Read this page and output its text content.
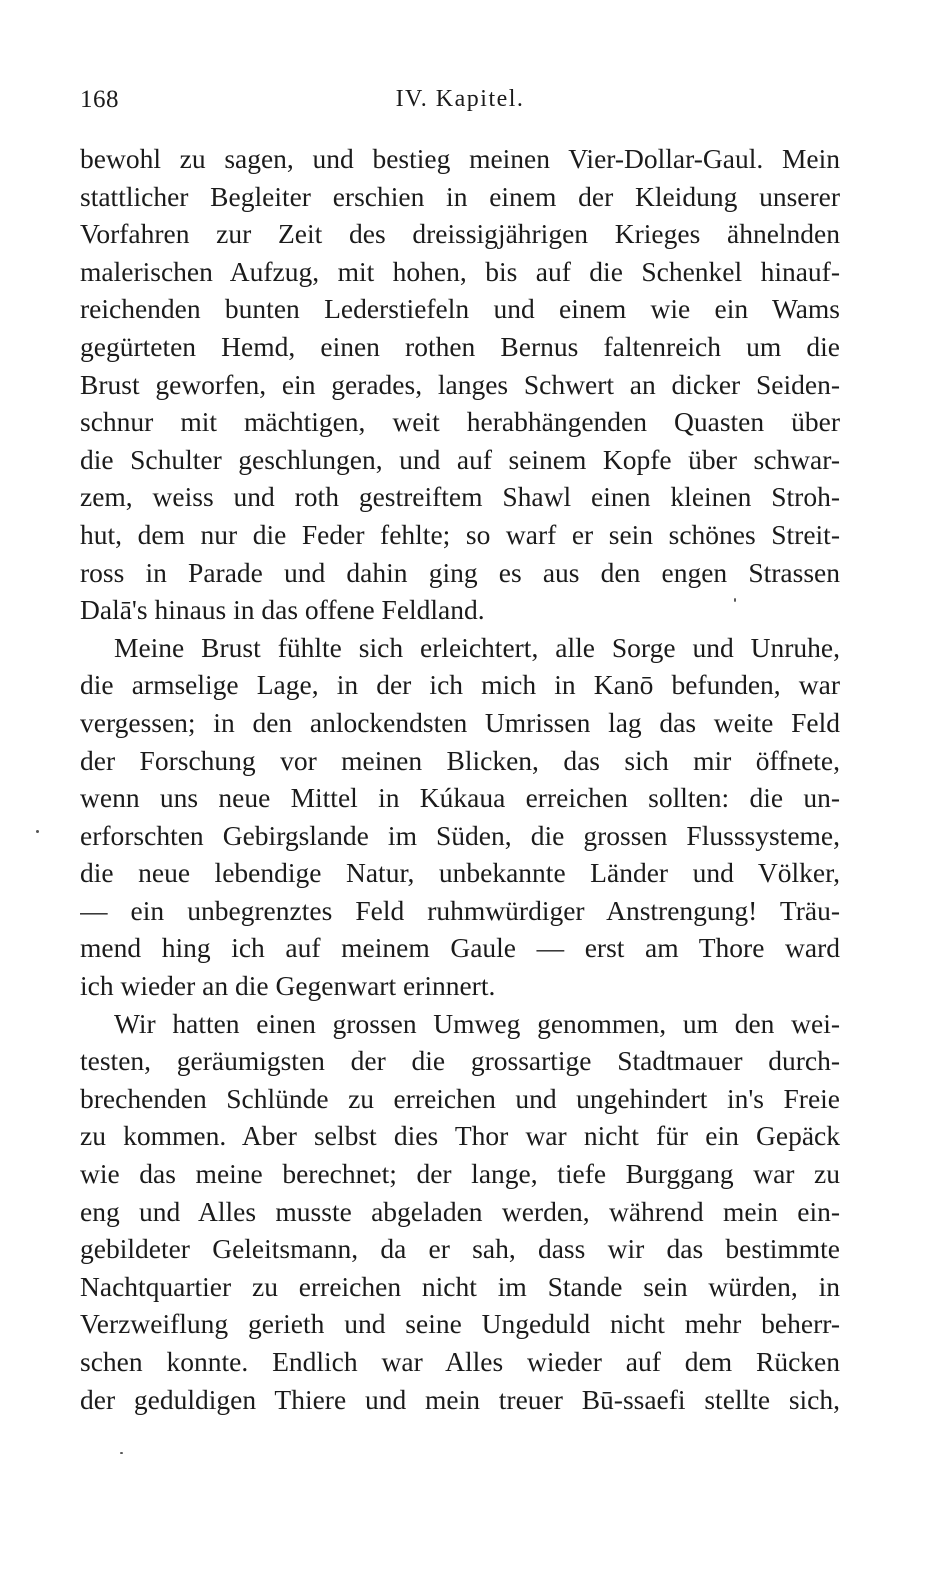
168	IV. Kapitel.
bewohl zu sagen, und bestieg meinen Vier-Dollar-Gaul. Mein
stattlicher Begleiter erschien in einem der Kleidung unserer
Vorfahren zur Zeit des dreissigjährigen Krieges ähnelnden
malerischen Aufzug, mit hohen, bis auf die Schenkel hinauf-
reichenden bunten Lederstiefeln und einem wie ein Wams
gegürteten Hemd, einen rothen Bernus faltenreich um die
Brust geworfen, ein gerades, langes Schwert an dicker Seiden-
schnur mit mächtigen, weit herabhängenden Quasten über
die Schulter geschlungen, und auf seinem Kopfe über schwar-
zem, weiss und roth gestreiftem Shawl einen kleinen Stroh-
hut, dem nur die Feder fehlte; so warf er sein schönes Streit-
ross in Parade und dahin ging es aus den engen Strassen
Dalā's hinaus in das offene Feldland.
Meine Brust fühlte sich erleichtert, alle Sorge und Unruhe,
die armselige Lage, in der ich mich in Kanō befunden, war
vergessen; in den anlockendsten Umrissen lag das weite Feld
der Forschung vor meinen Blicken, das sich mir öffnete,
wenn uns neue Mittel in Kúkaua erreichen sollten: die un-
erforschten Gebirgslande im Süden, die grossen Flusssysteme,
die neue lebendige Natur, unbekannte Länder und Völker,
— ein unbegrenztes Feld ruhmwürdiger Anstrengung! Träu-
mend hing ich auf meinem Gaule — erst am Thore ward
ich wieder an die Gegenwart erinnert.
Wir hatten einen grossen Umweg genommen, um den wei-
testen, geräumigsten der die grossartige Stadtmauer durch-
brechenden Schlünde zu erreichen und ungehindert in's Freie
zu kommen. Aber selbst dies Thor war nicht für ein Gepäck
wie das meine berechnet; der lange, tiefe Burggang war zu
eng und Alles musste abgeladen werden, während mein ein-
gebildeter Geleitsmann, da er sah, dass wir das bestimmte
Nachtquartier zu erreichen nicht im Stande sein würden, in
Verzweiflung gerieth und seine Ungeduld nicht mehr beherr-
schen konnte. Endlich war Alles wieder auf dem Rücken
der geduldigen Thiere und mein treuer Bū-ssaefi stellte sich,
